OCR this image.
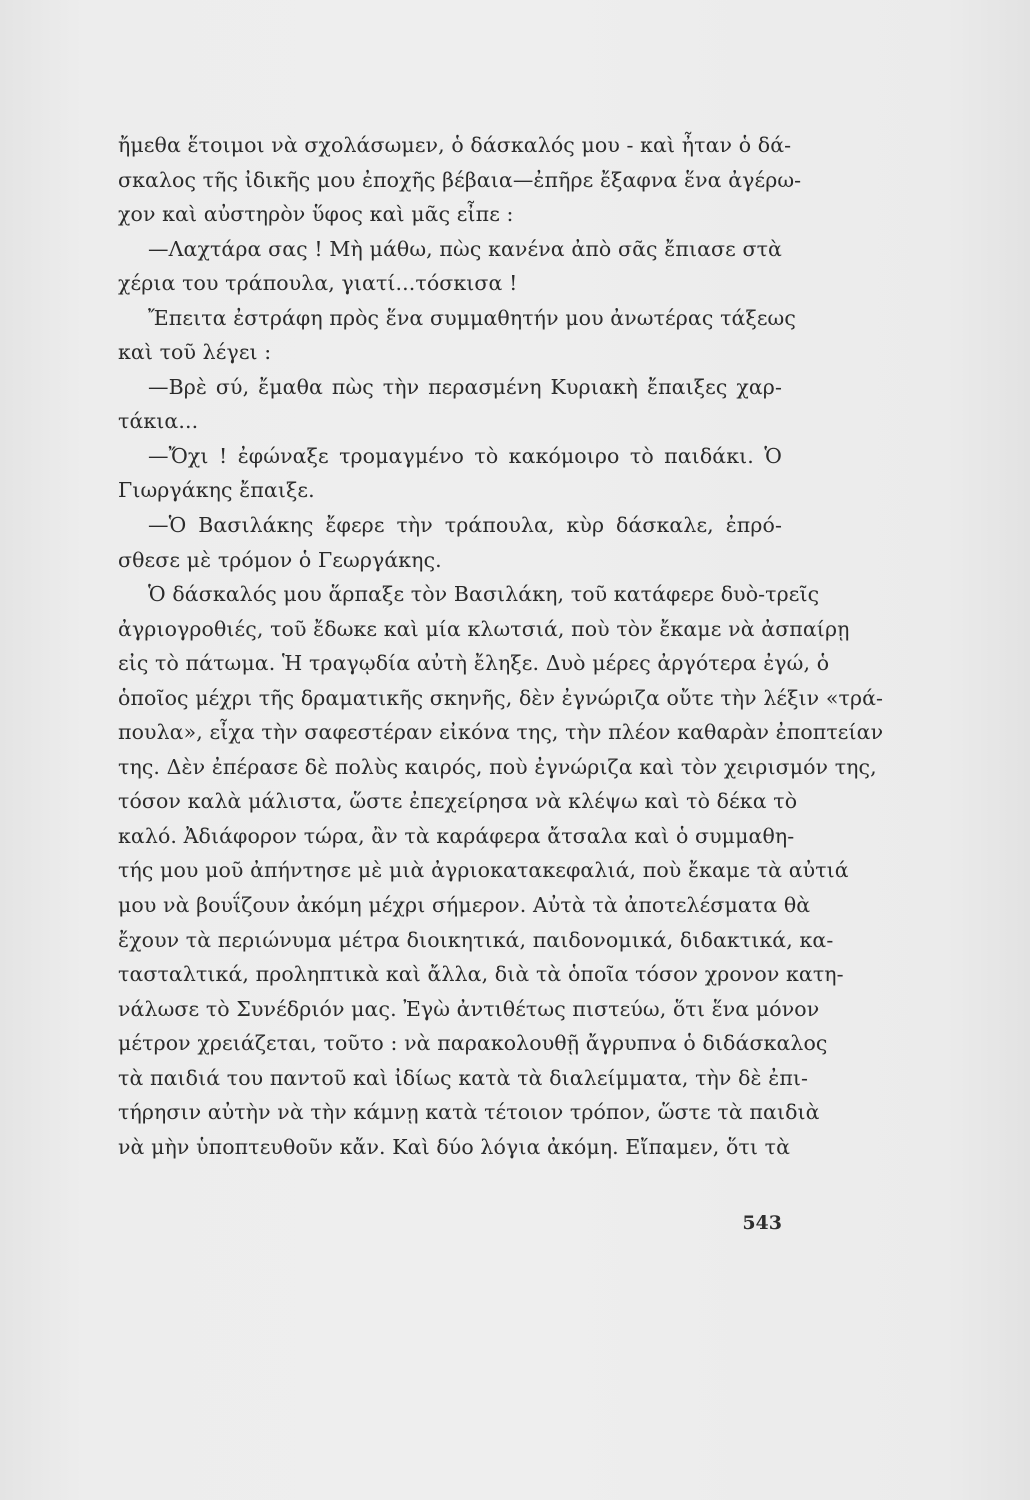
ἤμεθα ἕτοιμοι νὰ σχολάσωμεν, ὁ δάσκαλός μου - καὶ ἦταν ὁ δά-
σκαλος τῆς ἰδικῆς μου ἐποχῆς βέβαια—ἐπῆρε ἔξαφνα ἕνα ἀγέρω-
χον καὶ αὐστηρὸν ὕφος καὶ μᾶς εἶπε :
—Λαχτάρα σας ! Μὴ μάθω, πὼς κανένα ἀπὸ σᾶς ἔπιασε στὰ
χέρια του τράπουλα, γιατί...τόσκισα !
Ἔπειτα ἐστράφη πρὸς ἕνα συμμαθητήν μου ἀνωτέρας τάξεως
καὶ τοῦ λέγει :
—Βρὲ σύ, ἔμαθα πὼς τὴν περασμένη Κυριακὴ ἔπαιξες χαρ-
τάκια...
—Ὄχι ! ἐφώναξε τρομαγμένο τὸ κακόμοιρο τὸ παιδάκι. Ὁ
Γιωργάκης ἔπαιξε.
—Ὁ Βασιλάκης ἔφερε τὴν τράπουλα, κὺρ δάσκαλε, ἐπρό-
σθεσε μὲ τρόμον ὁ Γεωργάκης.
Ὁ δάσκαλός μου ἅρπαξε τὸν Βασιλάκη, τοῦ κατάφερε δυὸ-τρεῖς
ἀγριογροθιές, τοῦ ἔδωκε καὶ μία κλωτσιά, ποὺ τὸν ἔκαμε νὰ ἀσπαίρῃ
εἰς τὸ πάτωμα. Ἡ τραγῳδία αὐτὴ ἔληξε. Δυὸ μέρες ἀργότερα ἐγώ, ὁ
ὁποῖος μέχρι τῆς δραματικῆς σκηνῆς, δὲν ἐγνώριζα οὔτε τὴν λέξιν «τρά-
πουλα», εἶχα τὴν σαφεστέραν εἰκόνα της, τὴν πλέον καθαρὰν ἐποπτείαν
της. Δὲν ἐπέρασε δὲ πολὺς καιρός, ποὺ ἐγνώριζα καὶ τὸν χειρισμόν της,
τόσον καλὰ μάλιστα, ὥστε ἐπεχείρησα νὰ κλέψω καὶ τὸ δέκα τὸ
καλό. Ἀδιάφορον τώρα, ἂν τὰ καράφερα ἄτσαλα καὶ ὁ συμμαθη-
τής μου μοῦ ἀπήντησε μὲ μιὰ ἀγριοκατακεφαλιά, ποὺ ἔκαμε τὰ αὐτιά
μου νὰ βουΐζουν ἀκόμη μέχρι σήμερον. Αὐτὰ τὰ ἀποτελέσματα θὰ
ἔχουν τὰ περιώνυμα μέτρα διοικητικά, παιδονομικά, διδακτικά, κα-
τασταλτικά, προληπτικὰ καὶ ἄλλα, διὰ τὰ ὁποῖα τόσον χρονον κατη-
νάλωσε τὸ Συνέδριόν μας. Ἐγὼ ἀντιθέτως πιστεύω, ὅτι ἕνα μόνον
μέτρον χρειάζεται, τοῦτο : νὰ παρακολουθῇ ἄγρυπνα ὁ διδάσκαλος
τὰ παιδιά του παντοῦ καὶ ἰδίως κατὰ τὰ διαλείμματα, τὴν δὲ ἐπι-
τήρησιν αὐτὴν νὰ τὴν κάμνῃ κατὰ τέτοιον τρόπον, ὥστε τὰ παιδιὰ
νὰ μὴν ὑποπτευθοῦν κἄν. Καὶ δύο λόγια ἀκόμη. Εἴπαμεν, ὅτι τὰ
543
